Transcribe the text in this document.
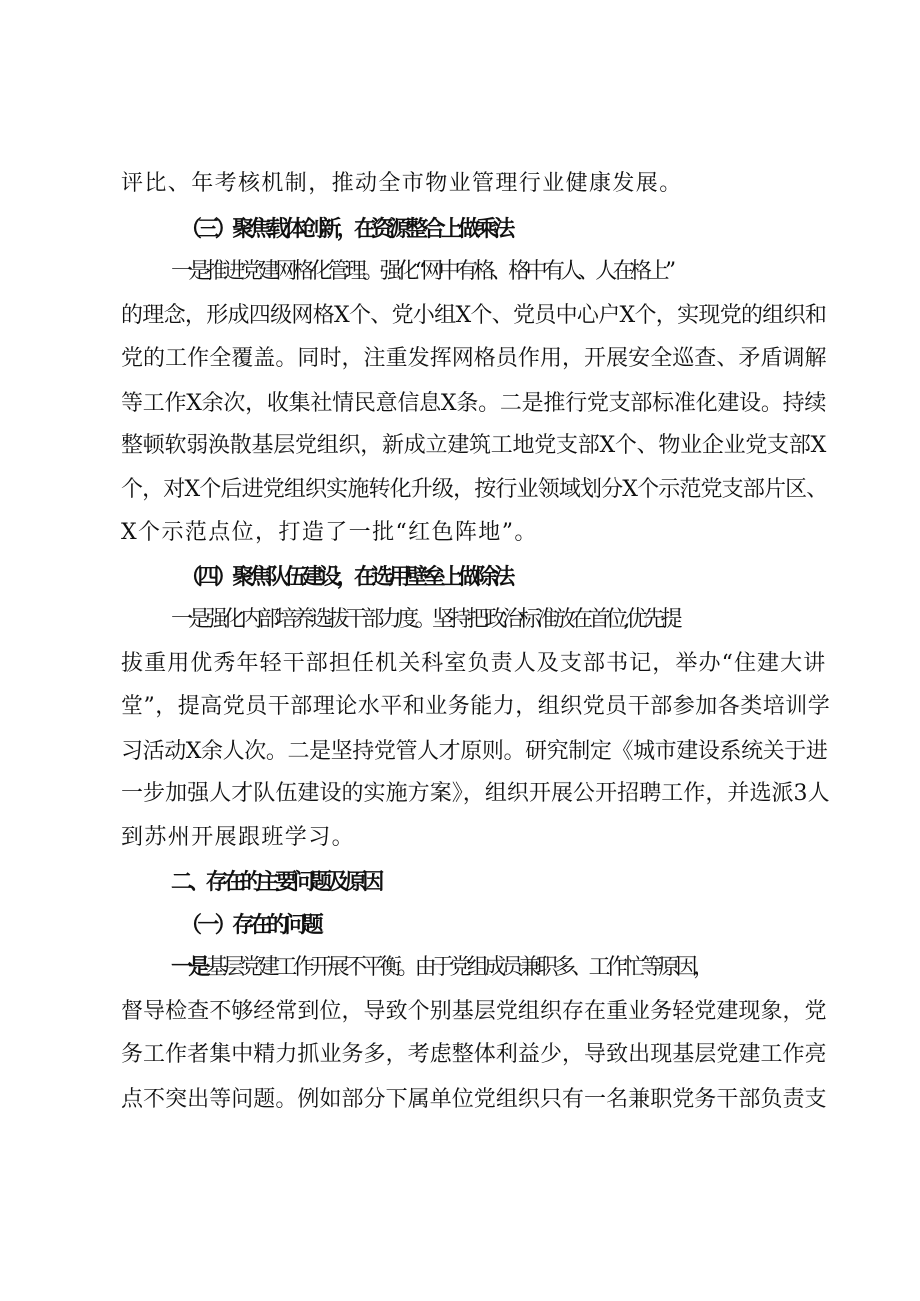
评比、年考核机制，推动全市物业管理行业健康发展。
（三）聚焦载体创新，在资源整合上做乘法
一是推进党建网格化管理。强化“网中有格、格中有人、人在格上”
的理念，形成四级网格X个、党小组X个、党员中心户X个，实现党的组织和
党的工作全覆盖。同时，注重发挥网格员作用，开展安全巡查、矛盾调解
等工作X余次，收集社情民意信息X条。二是推行党支部标准化建设。持续
整顿软弱涣散基层党组织，新成立建筑工地党支部X个、物业企业党支部X
个，对X个后进党组织实施转化升级，按行业领域划分X个示范党支部片区、
X个示范点位，打造了一批“红色阵地”。
（四）聚焦队伍建设，在选用壁垒上做除法
一是强化内部培养选拔干部力度。坚持把政治标准放在首位,优先提
拔重用优秀年轻干部担任机关科室负责人及支部书记，举办“住建大讲
堂”，提高党员干部理论水平和业务能力，组织党员干部参加各类培训学
习活动X余人次。二是坚持党管人才原则。研究制定《城市建设系统关于进
一步加强人才队伍建设的实施方案》，组织开展公开招聘工作，并选派3人
到苏州开展跟班学习。
二、存在的主要问题及原因
（一）存在的问题
一是基层党建工作开展不平衡。由于党组成员兼职多、工作忙等原因，
督导检查不够经常到位，导致个别基层党组织存在重业务轻党建现象，党
务工作者集中精力抓业务多，考虑整体利益少，导致出现基层党建工作亮
点不突出等问题。例如部分下属单位党组织只有一名兼职党务干部负责支
